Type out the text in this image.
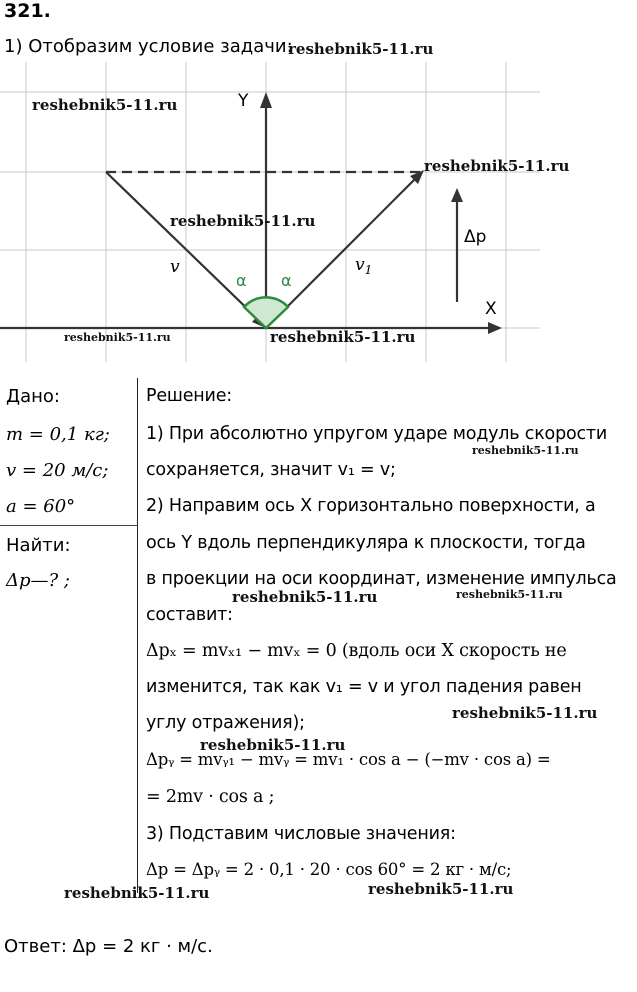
321.
1) Отобразим условие задачи:
Y
X
v	$v_1$
α α
Δp
Дано:
m = 0,1 кг;
v = 20 м/с;
a = 60°
Найти:
Δp—? ;
Решение:
1) При абсолютно упругом ударе модуль скорости
сохраняется, значит v₁ = v;
2) Направим ось X горизонтально поверхности, а
ось Y вдоль перпендикуляра к плоскости, тогда
в проекции на оси координат, изменение импульса
составит:
Δpₓ = mvₓ₁ − mvₓ = 0 (вдоль оси X скорость не
изменится, так как v₁ = v и угол падения равен
углу отражения);
Δpᵧ = mvᵧ₁ − mvᵧ = mv₁ · cos a − (−mv · cos a) =
= 2mv · cos a ;
3) Подставим числовые значения:
Δp = Δpᵧ = 2 · 0,1 · 20 · cos 60° = 2 кг · м/с;
Ответ: Δp = 2 кг · м/с.
reshebnik5-11.ru
reshebnik5-11.ru
reshebnik5-11.ru
reshebnik5-11.ru
reshebnik5-11.ru	reshebnik5-11.ru
reshebnik5-11.ru
reshebnik5-11.ru	reshebnik5-11.ru
reshebnik5-11.ru
reshebnik5-11.ru
reshebnik5-11.ru	reshebnik5-11.ru
